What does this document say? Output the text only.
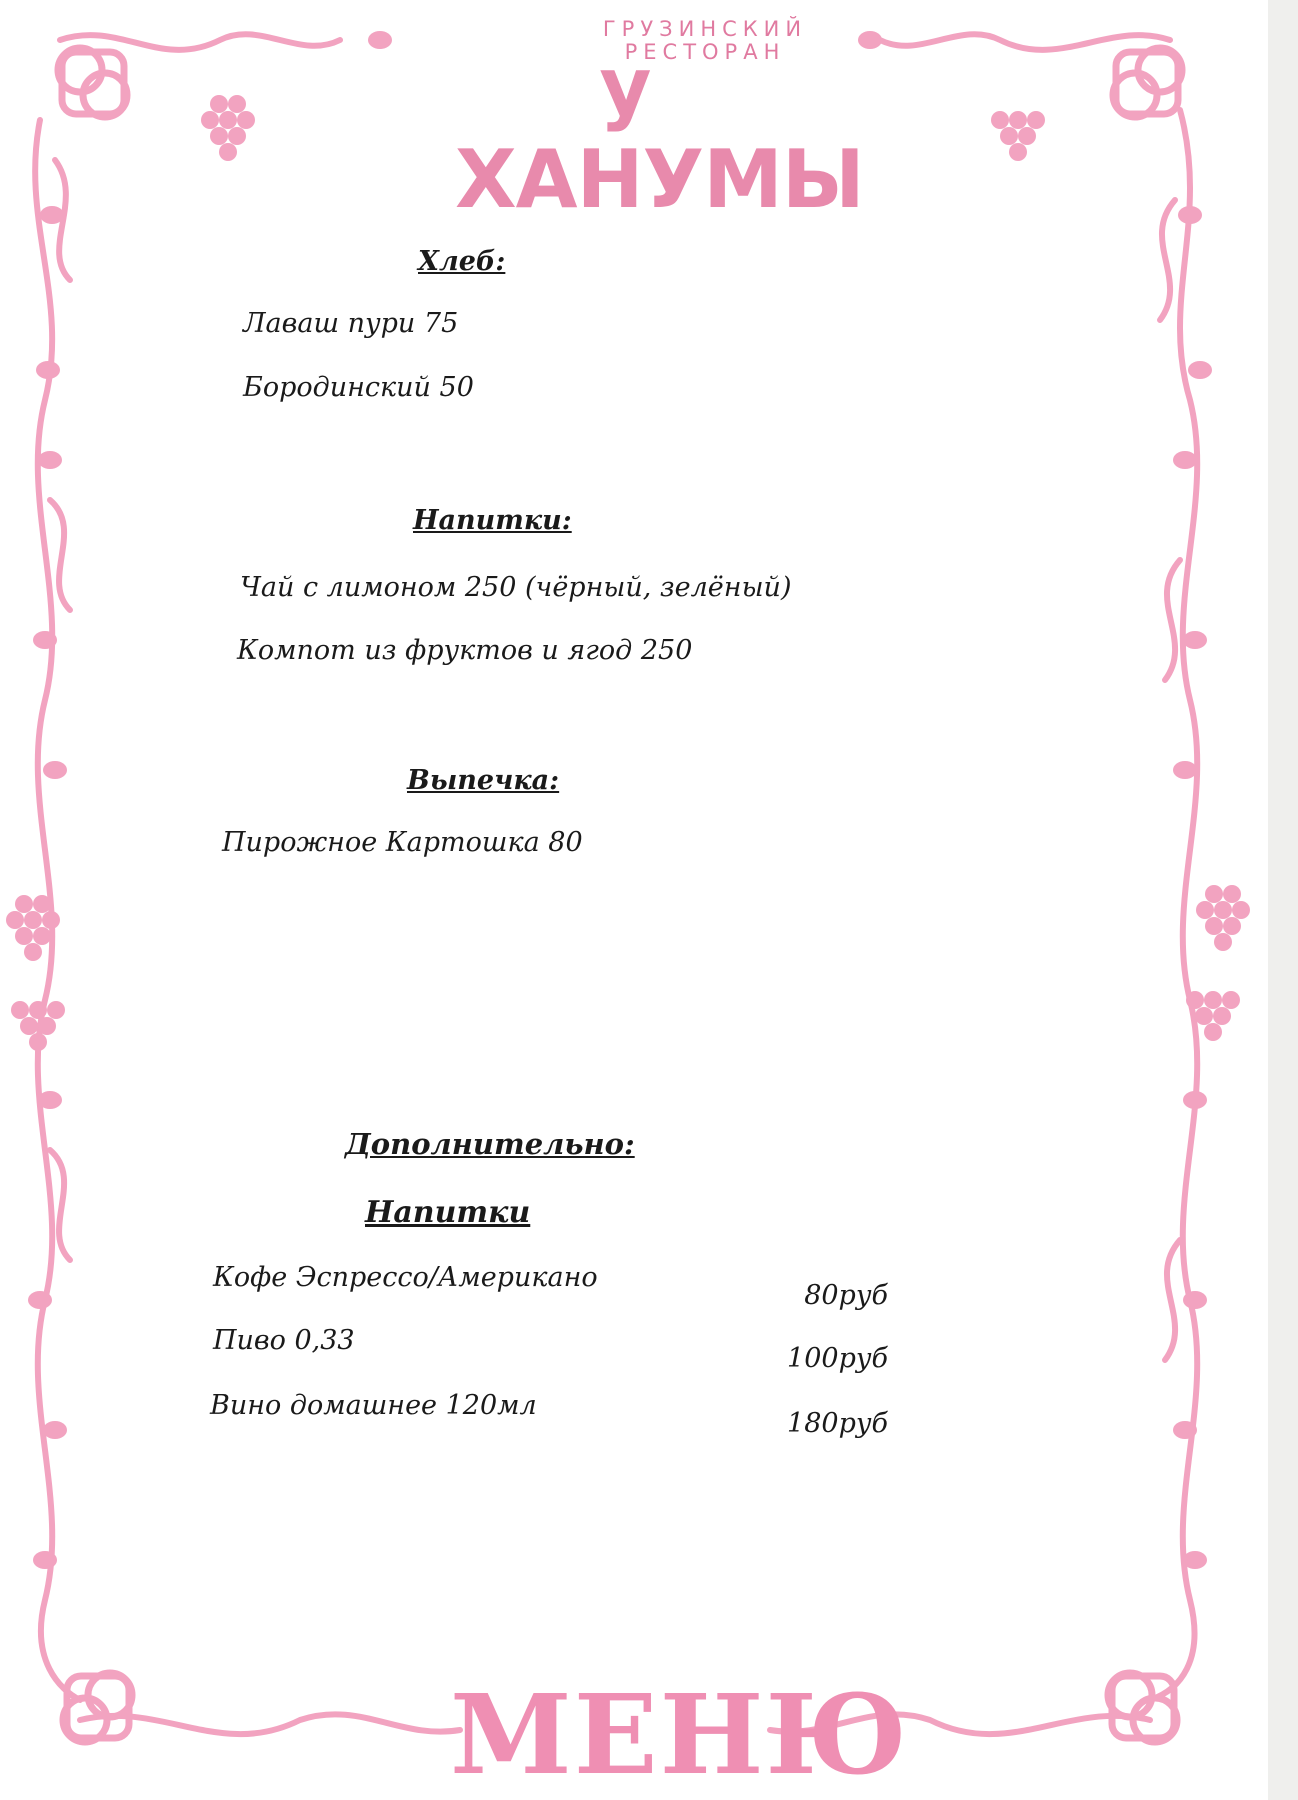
ГРУЗИНСКИЙ
РЕСТОРАН
у ХАНУМЫ

Хлеб:
Лаваш пури 75
Бородинский 50
Напитки:
Чай с лимоном 250 (чёрный, зелёный)
Компот из фруктов и ягод 250
Выпечка:
Пирожное Картошка 80
Дополнительно:
Напитки
Кофе Эспрессо/Американо
80руб
Пиво 0,33
100руб
Вино домашнее 120мл
180руб
МЕНЮ
